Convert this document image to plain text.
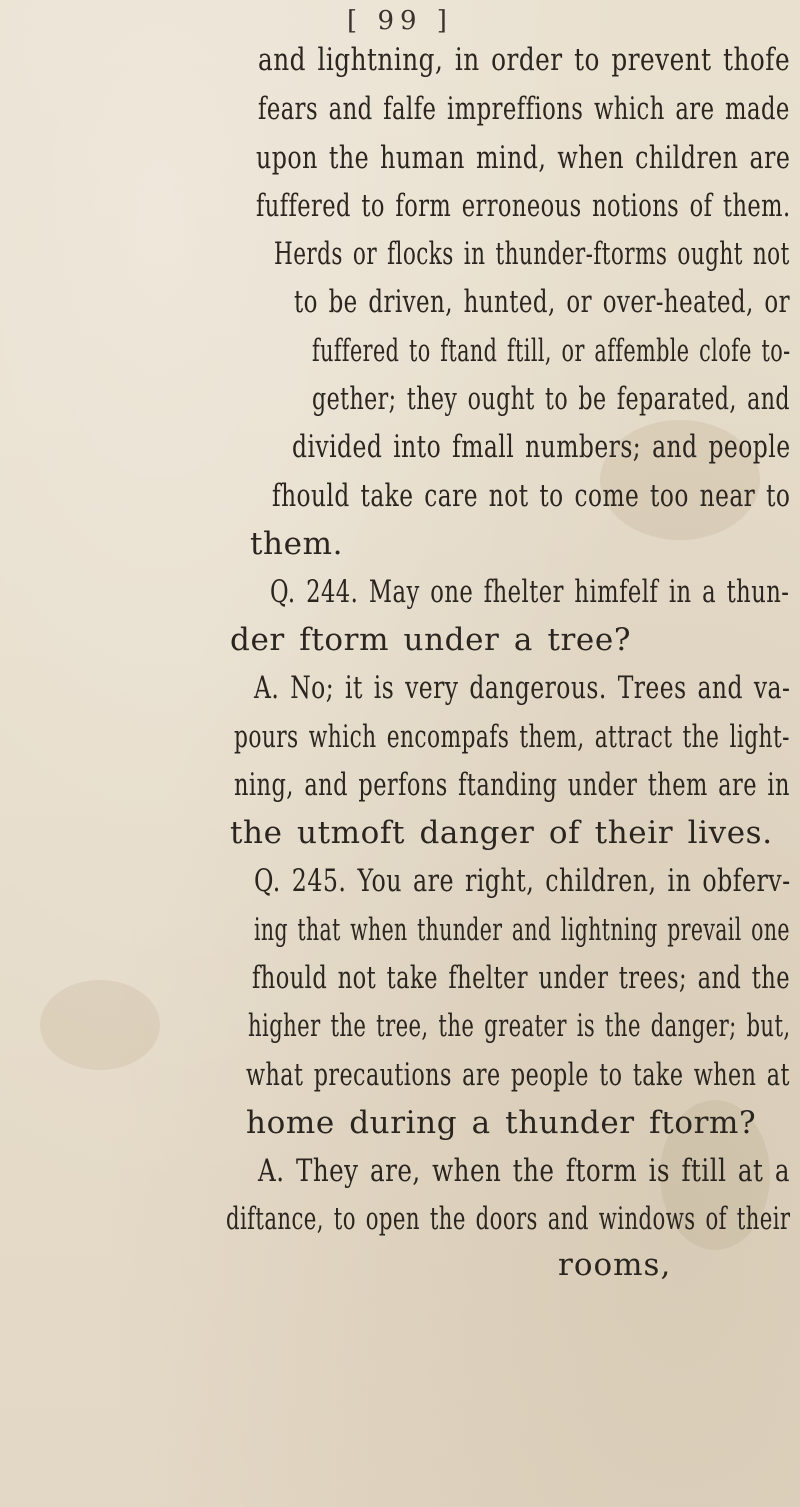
[ 99 ]
and lightning, in order to prevent thofe
fears and falfe impreffions which are made
upon the human mind, when children are
fuffered to form erroneous notions of them.
Herds or flocks in thunder-ftorms ought not
to be driven, hunted, or over-heated, or
fuffered to ftand ftill, or affemble clofe to-
gether; they ought to be feparated, and
divided into fmall numbers; and people
fhould take care not to come too near to
them.
Q. 244. May one fhelter himfelf in a thun-
der ftorm under a tree?
A. No; it is very dangerous. Trees and va-
pours which encompafs them, attract the light-
ning, and perfons ftanding under them are in
the utmoft danger of their lives.
Q. 245. You are right, children, in obferv-
ing that when thunder and lightning prevail one
fhould not take fhelter under trees; and the
higher the tree, the greater is the danger; but,
what precautions are people to take when at
home during a thunder ftorm?
A. They are, when the ftorm is ftill at a
diftance, to open the doors and windows of their
rooms,
